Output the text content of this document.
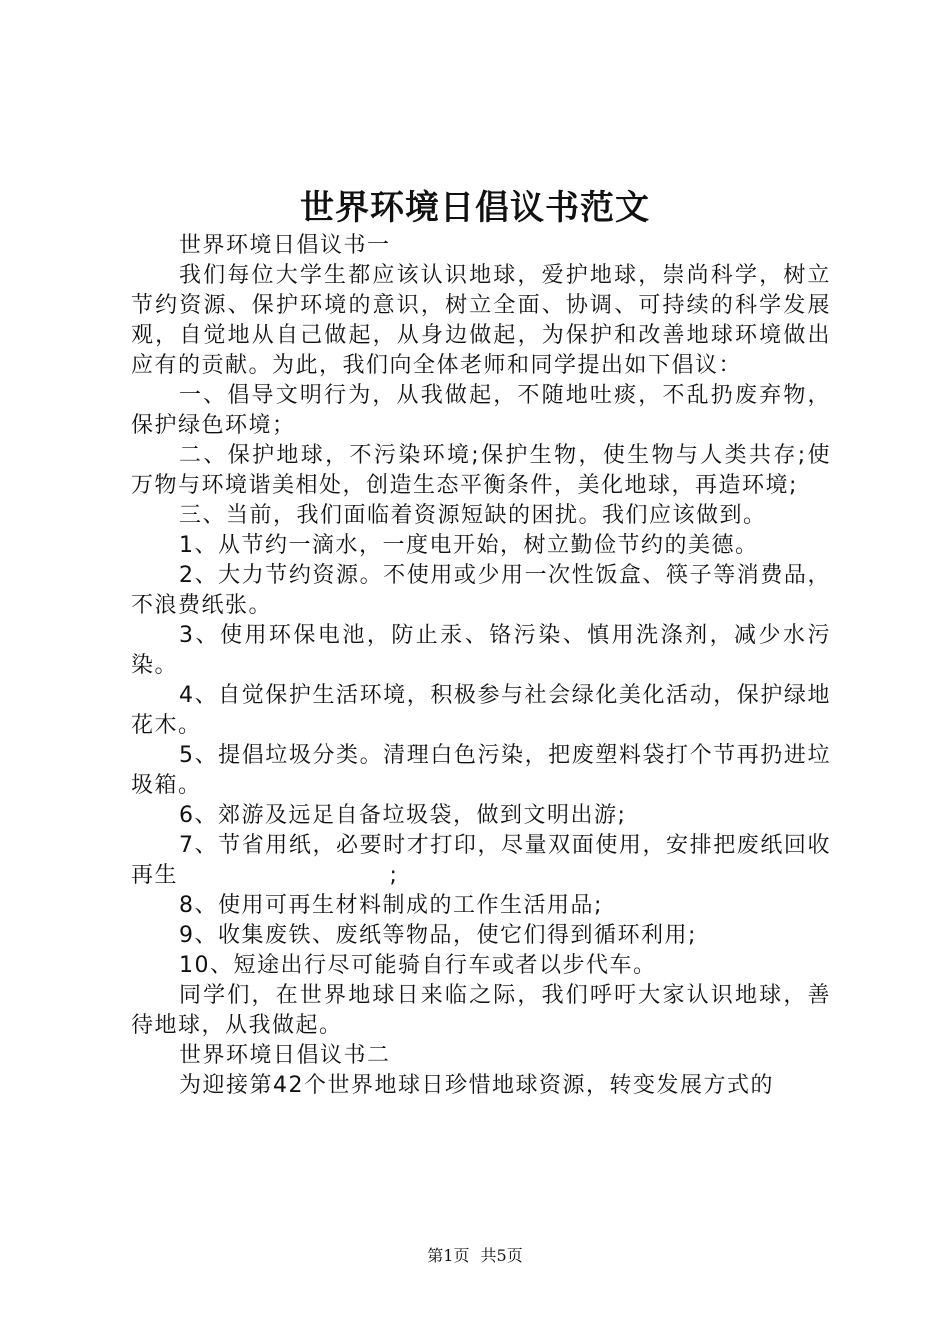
世界环境日倡议书范文

世界环境日倡议书一

我们每位大学生都应该认识地球，爱护地球，崇尚科学，树立节约资源、保护环境的意识，树立全面、协调、可持续的科学发展观，自觉地从自己做起，从身边做起，为保护和改善地球环境做出应有的贡献。为此，我们向全体老师和同学提出如下倡议：

一、倡导文明行为，从我做起，不随地吐痰，不乱扔废弃物，保护绿色环境；

二、保护地球，不污染环境;保护生物，使生物与人类共存;使万物与环境谐美相处，创造生态平衡条件，美化地球，再造环境;

三、当前，我们面临着资源短缺的困扰。我们应该做到。

1、从节约一滴水，一度电开始，树立勤俭节约的美德。

2、大力节约资源。不使用或少用一次性饭盒、筷子等消费品，不浪费纸张。

3、使用环保电池，防止汞、铬污染、慎用洗涤剂，减少水污染。

4、自觉保护生活环境，积极参与社会绿化美化活动，保护绿地花木。

5、提倡垃圾分类。清理白色污染，把废塑料袋打个节再扔进垃圾箱。

6、郊游及远足自备垃圾袋，做到文明出游;

7、节省用纸，必要时才打印，尽量双面使用，安排把废纸回收再生　　　　　　　　　;

8、使用可再生材料制成的工作生活用品;

9、收集废铁、废纸等物品，使它们得到循环利用;

10、短途出行尽可能骑自行车或者以步代车。

同学们，在世界地球日来临之际，我们呼吁大家认识地球，善待地球，从我做起。

世界环境日倡议书二

为迎接第42个世界地球日珍惜地球资源，转变发展方式的

第1页 共5页
